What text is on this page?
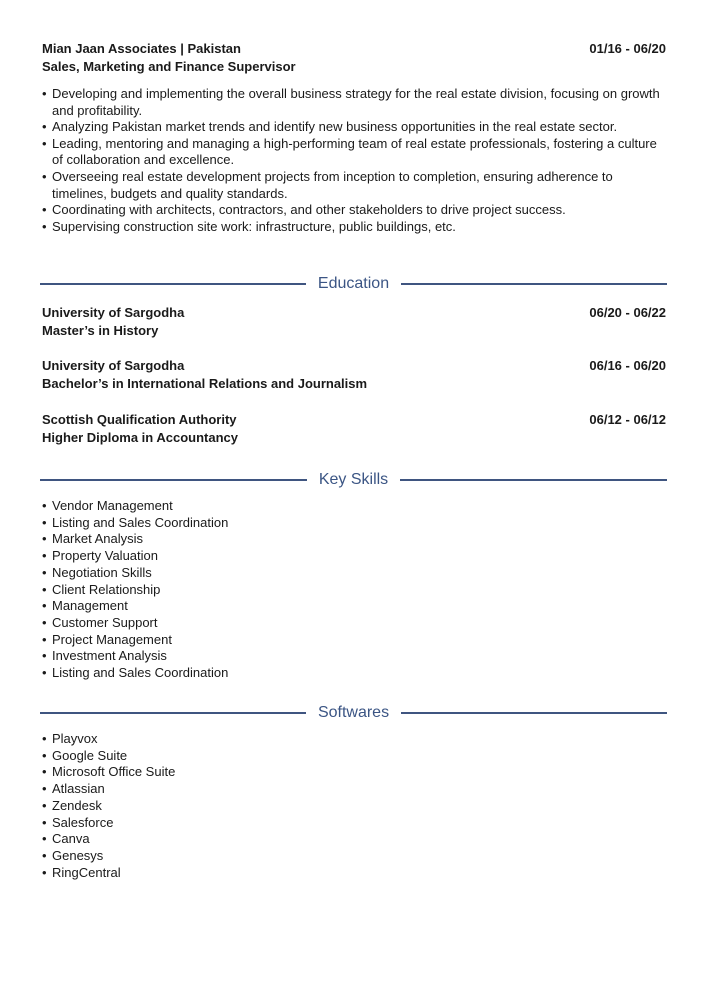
Mian Jaan Associates | Pakistan	01/16 - 06/20
Sales, Marketing and Finance Supervisor
• Developing and implementing the overall business strategy for the real estate division, focusing on growth and profitability.
• Analyzing Pakistan market trends and identify new business opportunities in the real estate sector.
• Leading, mentoring and managing a high-performing team of real estate professionals, fostering a culture of collaboration and excellence.
• Overseeing real estate development projects from inception to completion, ensuring adherence to timelines, budgets and quality standards.
• Coordinating with architects, contractors, and other stakeholders to drive project success.
• Supervising construction site work: infrastructure, public buildings, etc.
Education
University of Sargodha	06/20 - 06/22
Master’s in History
University of Sargodha	06/16 - 06/20
Bachelor’s in International Relations and Journalism
Scottish Qualification Authority	06/12 - 06/12
Higher Diploma in Accountancy
Key Skills
• Vendor Management
• Listing and Sales Coordination
• Market Analysis
• Property Valuation
• Negotiation Skills
• Client Relationship
• Management
• Customer Support
• Project Management
• Investment Analysis
• Listing and Sales Coordination
Softwares
• Playvox
• Google Suite
• Microsoft Office Suite
• Atlassian
• Zendesk
• Salesforce
• Canva
• Genesys
• RingCentral
